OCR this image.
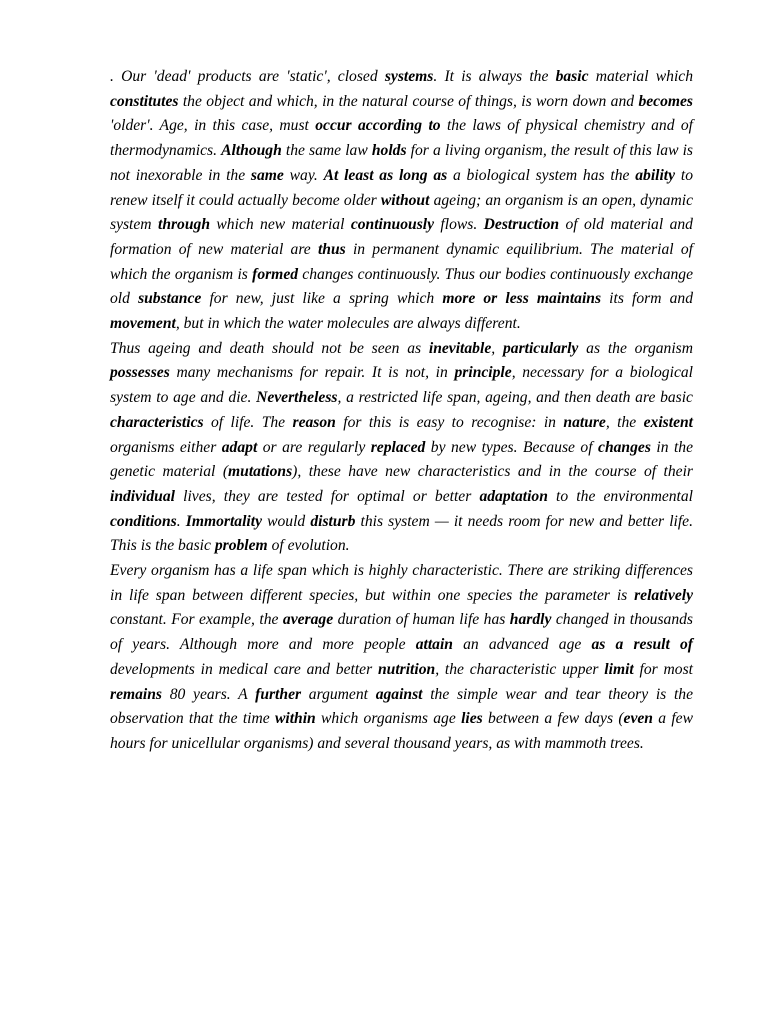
. Our 'dead' products are 'static', closed systems. It is always the basic material which constitutes the object and which, in the natural course of things, is worn down and becomes 'older'. Age, in this case, must occur according to the laws of physical chemistry and of thermodynamics. Although the same law holds for a living organism, the result of this law is not inexorable in the same way. At least as long as a biological system has the ability to renew itself it could actually become older without ageing; an organism is an open, dynamic system through which new material continuously flows. Destruction of old material and formation of new material are thus in permanent dynamic equilibrium. The material of which the organism is formed changes continuously. Thus our bodies continuously exchange old substance for new, just like a spring which more or less maintains its form and movement, but in which the water molecules are always different.

Thus ageing and death should not be seen as inevitable, particularly as the organism possesses many mechanisms for repair. It is not, in principle, necessary for a biological system to age and die. Nevertheless, a restricted life span, ageing, and then death are basic characteristics of life. The reason for this is easy to recognise: in nature, the existent organisms either adapt or are regularly replaced by new types. Because of changes in the genetic material (mutations), these have new characteristics and in the course of their individual lives, they are tested for optimal or better adaptation to the environmental conditions. Immortality would disturb this system — it needs room for new and better life. This is the basic problem of evolution.

Every organism has a life span which is highly characteristic. There are striking differences in life span between different species, but within one species the parameter is relatively constant. For example, the average duration of human life has hardly changed in thousands of years. Although more and more people attain an advanced age as a result of developments in medical care and better nutrition, the characteristic upper limit for most remains 80 years. A further argument against the simple wear and tear theory is the observation that the time within which organisms age lies between a few days (even a few hours for unicellular organisms) and several thousand years, as with mammoth trees.
